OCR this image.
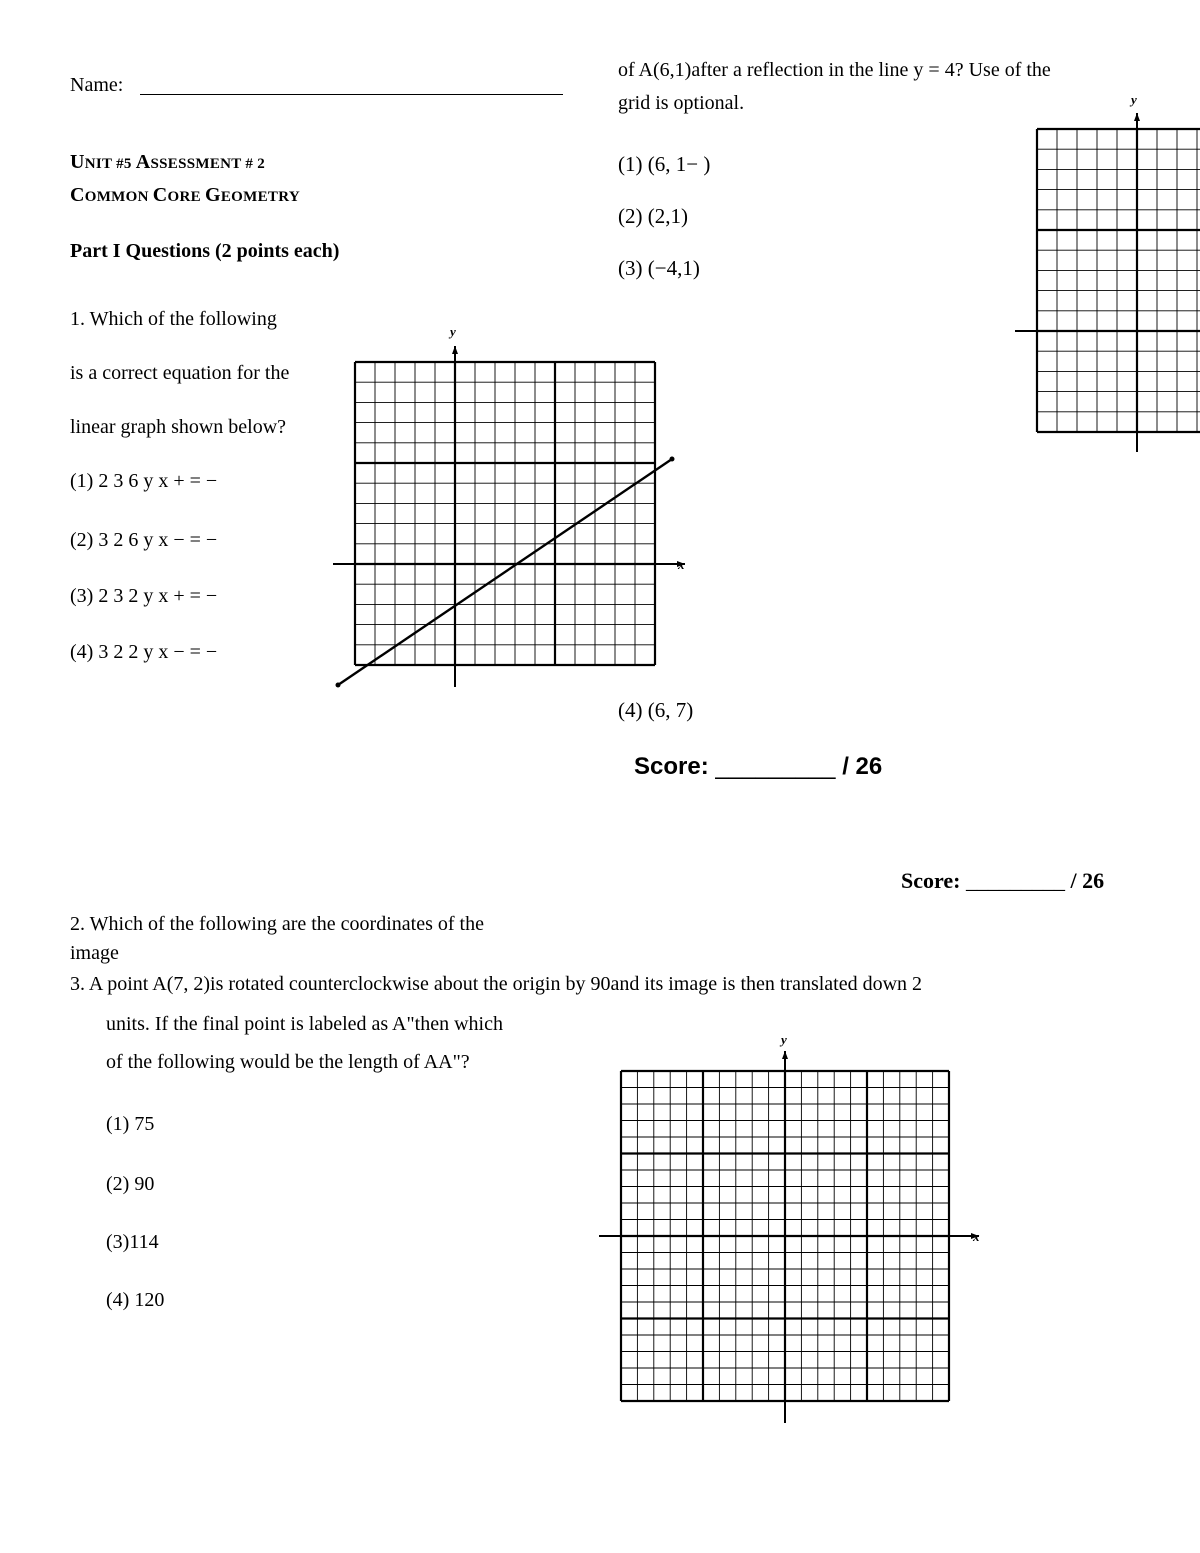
Name:
UNIT #5 ASSESSMENT # 2
COMMON CORE GEOMETRY
Part I Questions (2 points each)
1. Which of the following
is a correct equation for the
linear graph shown below?
(1) 2 3 6 y x + = −
(2) 3 2 6 y x − = −
(3) 2 3 2 y x + = −
(4) 3 2 2 y x − = −
y
x
of A(6,1)after a reflection in the line y = 4? Use of the
grid is optional.
(1) (6, 1− )
(2) (2,1)
(3) (−4,1)
(4) (6, 7)
y
Score: _________ / 26
Score: _________ / 26
2. Which of the following are the coordinates of the
image
3. A point A(7, 2)is rotated counterclockwise about the origin by 90and its image is then translated down 2
units. If the final point is labeled as A"then which
of the following would be the length of AA"?
(1) 75
(2) 90
(3)114
(4) 120
y
x
